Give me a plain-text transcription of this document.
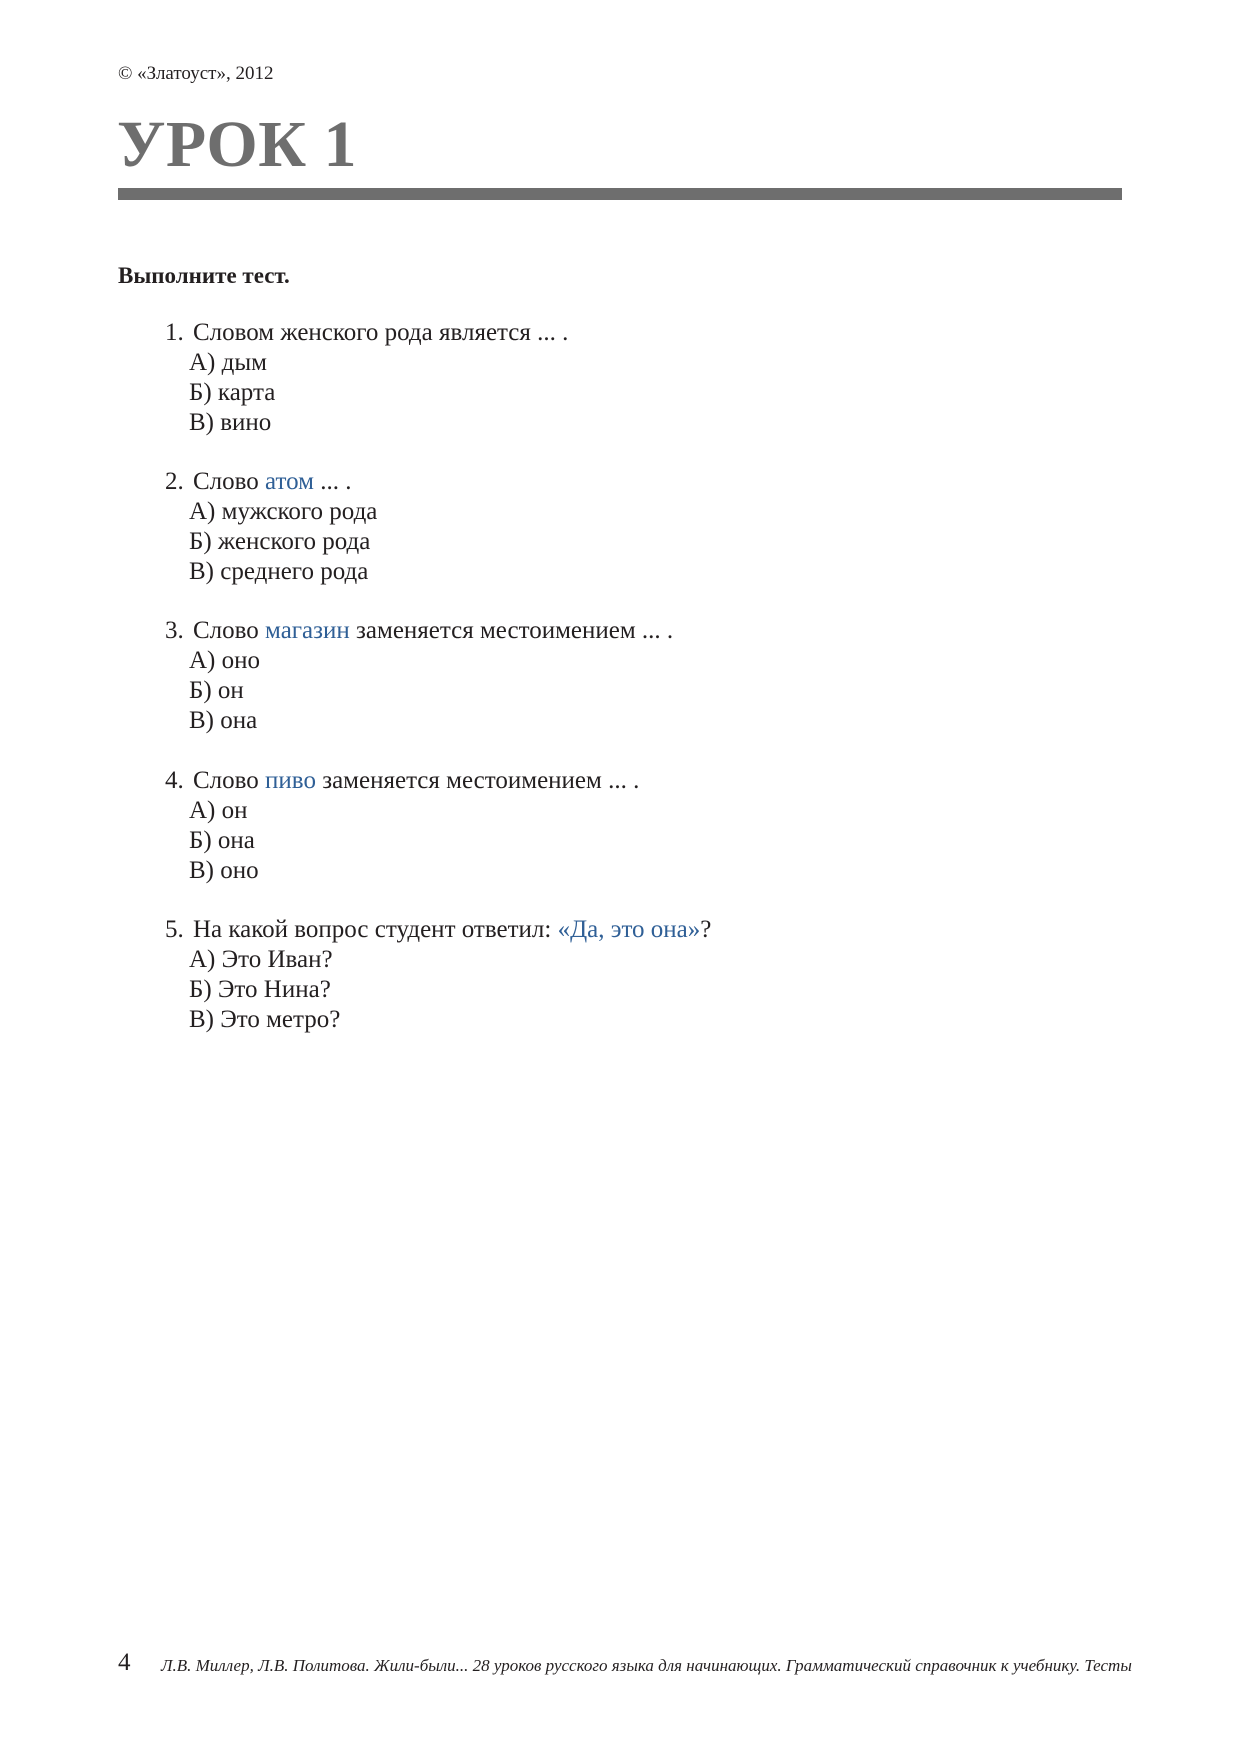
© «Златоуст», 2012
УРОК 1
Выполните тест.
1. Словом женского рода является ... .
А) дым
Б) карта
В) вино
2. Слово атом ... .
А) мужского рода
Б) женского рода
В) среднего рода
3. Слово магазин заменяется местоимением ... .
А) оно
Б) он
В) она
4. Слово пиво заменяется местоимением ... .
А) он
Б) она
В) оно
5. На какой вопрос студент ответил: «Да, это она»?
А) Это Иван?
Б) Это Нина?
В) Это метро?
4 Л.В. Миллер, Л.В. Политова. Жили-были... 28 уроков русского языка для начинающих. Грамматический справочник к учебнику. Тесты
